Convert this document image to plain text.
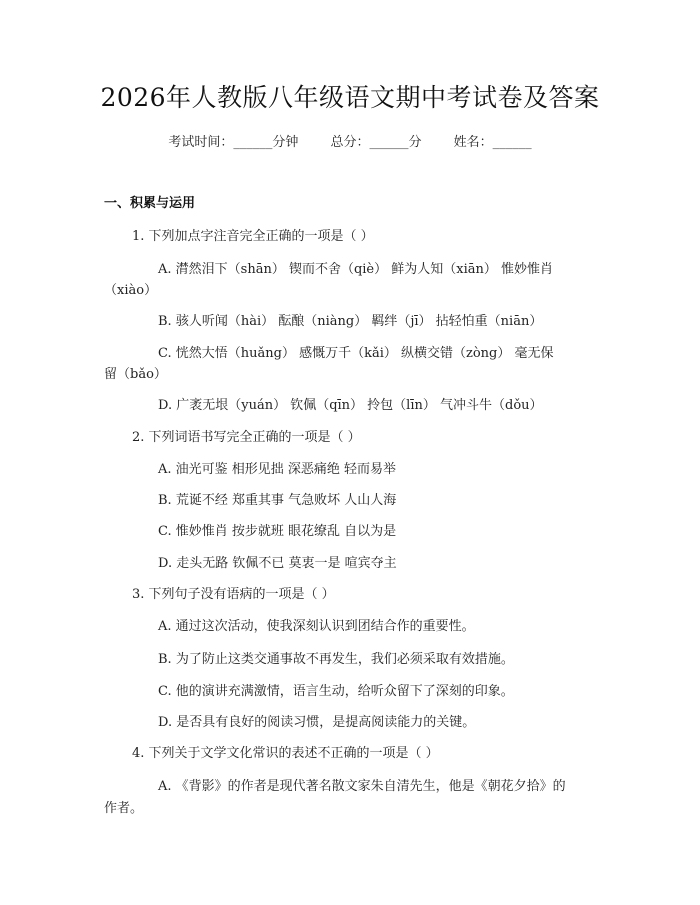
2026年人教版八年级语文期中考试卷及答案
考试时间：______分钟 总分：______分 姓名：______
一、积累与运用
1. 下列加点字注音完全正确的一项是（ ）
A. 潸然泪下（shān） 锲而不舍（qiè） 鲜为人知（xiān） 惟妙惟肖
（xiào）
B. 骇人听闻（hài） 酝酿（niàng） 羁绊（jī） 拈轻怕重（niān）
C. 恍然大悟（huǎng） 感慨万千（kǎi） 纵横交错（zòng） 毫无保
留（bǎo）
D. 广袤无垠（yuán） 钦佩（qīn） 拎包（līn） 气冲斗牛（dǒu）
2. 下列词语书写完全正确的一项是（ ）
A. 油光可鉴 相形见拙 深恶痛绝 轻而易举
B. 荒诞不经 郑重其事 气急败坏 人山人海
C. 惟妙惟肖 按步就班 眼花缭乱 自以为是
D. 走头无路 钦佩不已 莫衷一是 喧宾夺主
3. 下列句子没有语病的一项是（ ）
A. 通过这次活动，使我深刻认识到团结合作的重要性。
B. 为了防止这类交通事故不再发生，我们必须采取有效措施。
C. 他的演讲充满激情，语言生动，给听众留下了深刻的印象。
D. 是否具有良好的阅读习惯，是提高阅读能力的关键。
4. 下列关于文学文化常识的表述不正确的一项是（ ）
A. 《背影》的作者是现代著名散文家朱自清先生，他是《朝花夕拾》的
作者。
